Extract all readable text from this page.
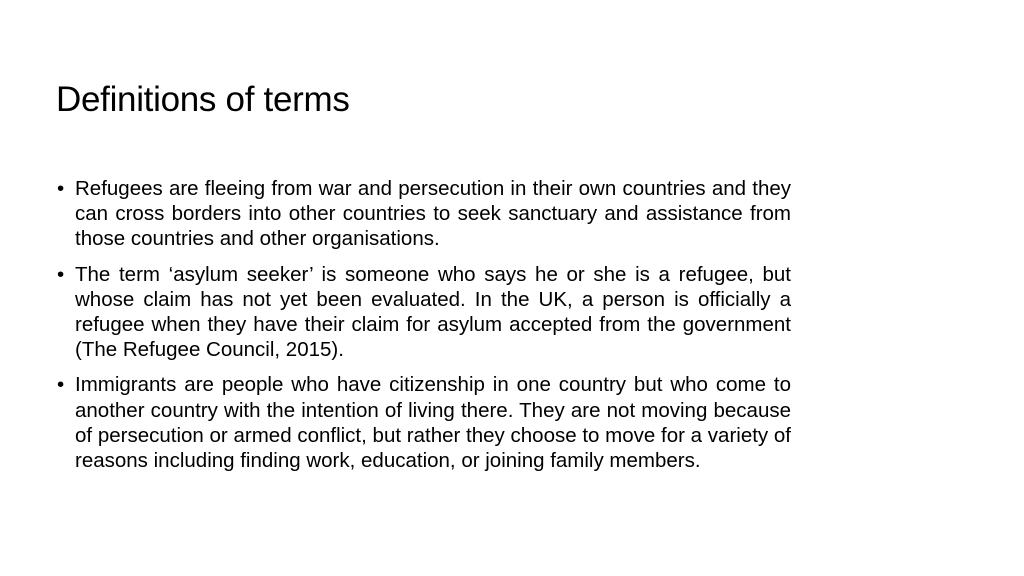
Definitions of terms
• Refugees are fleeing from war and persecution in their own countries and they can cross borders into other countries to seek sanctuary and assistance from those countries and other organisations.
• The term ‘asylum seeker’ is someone who says he or she is a refugee, but whose claim has not yet been evaluated. In the UK, a person is officially a refugee when they have their claim for asylum accepted from the government (The Refugee Council, 2015).
• Immigrants are people who have citizenship in one country but who come to another country with the intention of living there. They are not moving because of persecution or armed conflict, but rather they choose to move for a variety of reasons including finding work, education, or joining family members.
